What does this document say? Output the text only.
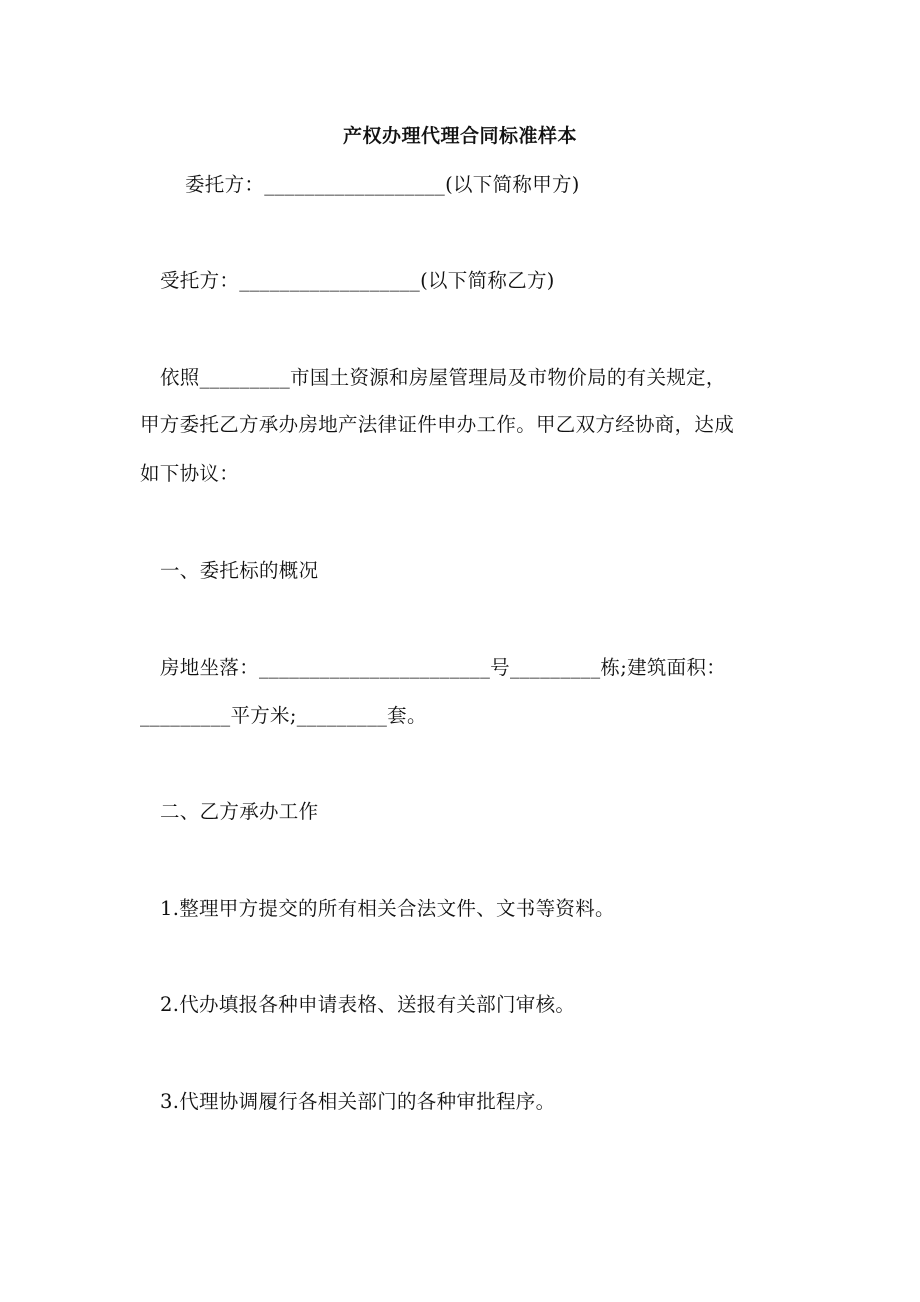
产权办理代理合同标准样本
委托方：__________________(以下简称甲方)
受托方：__________________(以下简称乙方)
依照_________市国土资源和房屋管理局及市物价局的有关规定，
甲方委托乙方承办房地产法律证件申办工作。甲乙双方经协商，达成
如下协议：
一、委托标的概况
房地坐落：_______________________号_________栋;建筑面积：
_________平方米;_________套。
二、乙方承办工作
1.整理甲方提交的所有相关合法文件、文书等资料。
2.代办填报各种申请表格、送报有关部门审核。
3.代理协调履行各相关部门的各种审批程序。
